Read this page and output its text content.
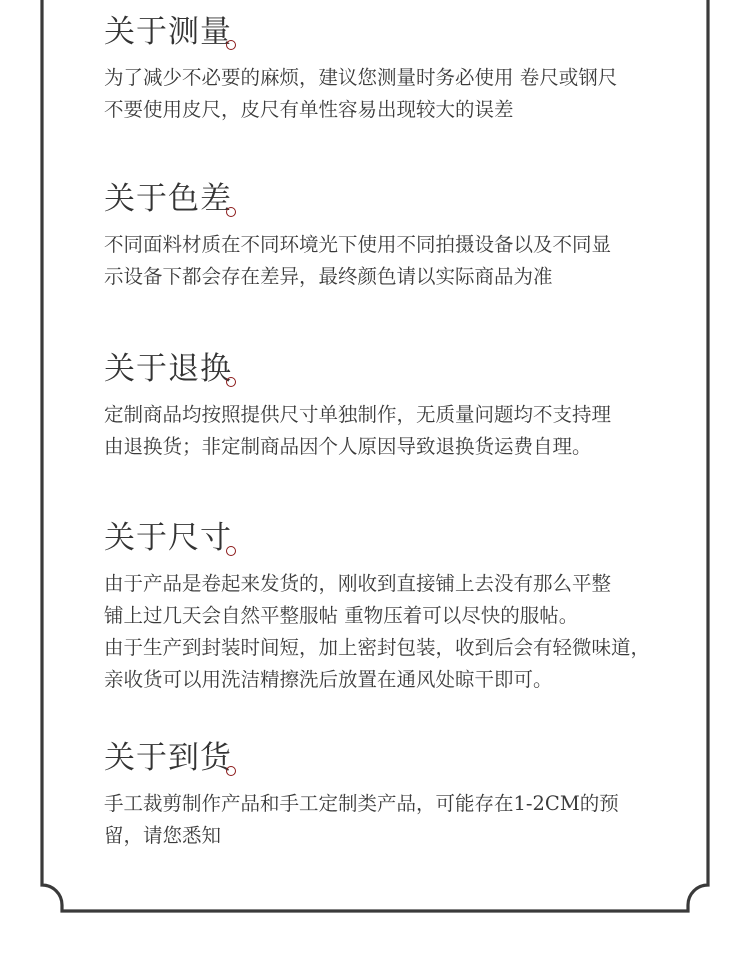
关于测量
为了减少不必要的麻烦，建议您测量时务必使用 卷尺或钢尺
不要使用皮尺，皮尺有单性容易出现较大的误差
关于色差
不同面料材质在不同环境光下使用不同拍摄设备以及不同显
示设备下都会存在差异，最终颜色请以实际商品为准
关于退换
定制商品均按照提供尺寸单独制作，无质量问题均不支持理
由退换货；非定制商品因个人原因导致退换货运费自理。
关于尺寸
由于产品是卷起来发货的，刚收到直接铺上去没有那么平整
铺上过几天会自然平整服帖 重物压着可以尽快的服帖。
由于生产到封装时间短，加上密封包装，收到后会有轻微味道，
亲收货可以用洗洁精擦洗后放置在通风处晾干即可。
关于到货
手工裁剪制作产品和手工定制类产品，可能存在1-2CM的预
留，请您悉知
